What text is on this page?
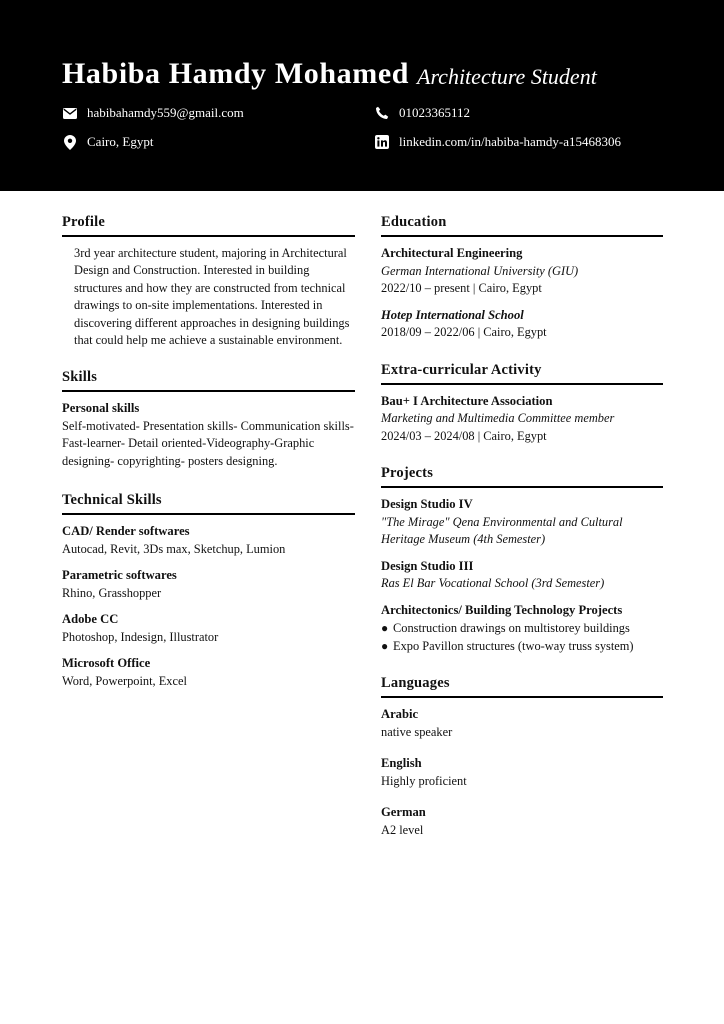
Habiba Hamdy Mohamed Architecture Student
habibahamdy559@gmail.com	01023365112
Cairo, Egypt	linkedin.com/in/habiba-hamdy-a15468306
Profile
3rd year architecture student, majoring in Architectural Design and Construction. Interested in building structures and how they are constructed from technical drawings to on-site implementations. Interested in discovering different approaches in designing buildings that could help me achieve a sustainable environment.
Skills
Personal skills
Self-motivated- Presentation skills- Communication skills- Fast-learner- Detail oriented-Videography-Graphic designing- copyrighting- posters designing.
Technical Skills
CAD/ Render softwares
Autocad, Revit, 3Ds max, Sketchup, Lumion
Parametric softwares
Rhino, Grasshopper
Adobe CC
Photoshop, Indesign, Illustrator
Microsoft Office
Word, Powerpoint, Excel
Education
Architectural Engineering
German International University (GIU)
2022/10 – present | Cairo, Egypt
Hotep International School
2018/09 – 2022/06 | Cairo, Egypt
Extra-curricular Activity
Bau+ I Architecture Association
Marketing and Multimedia Committee member
2024/03 – 2024/08 | Cairo, Egypt
Projects
Design Studio IV
"The Mirage" Qena Environmental and Cultural
Heritage Museum (4th Semester)
Design Studio III
Ras El Bar Vocational School (3rd Semester)
Architectonics/ Building Technology Projects
● Construction drawings on multistorey buildings
● Expo Pavillon structures (two-way truss system)
Languages
Arabic
native speaker
English
Highly proficient
German
A2 level
